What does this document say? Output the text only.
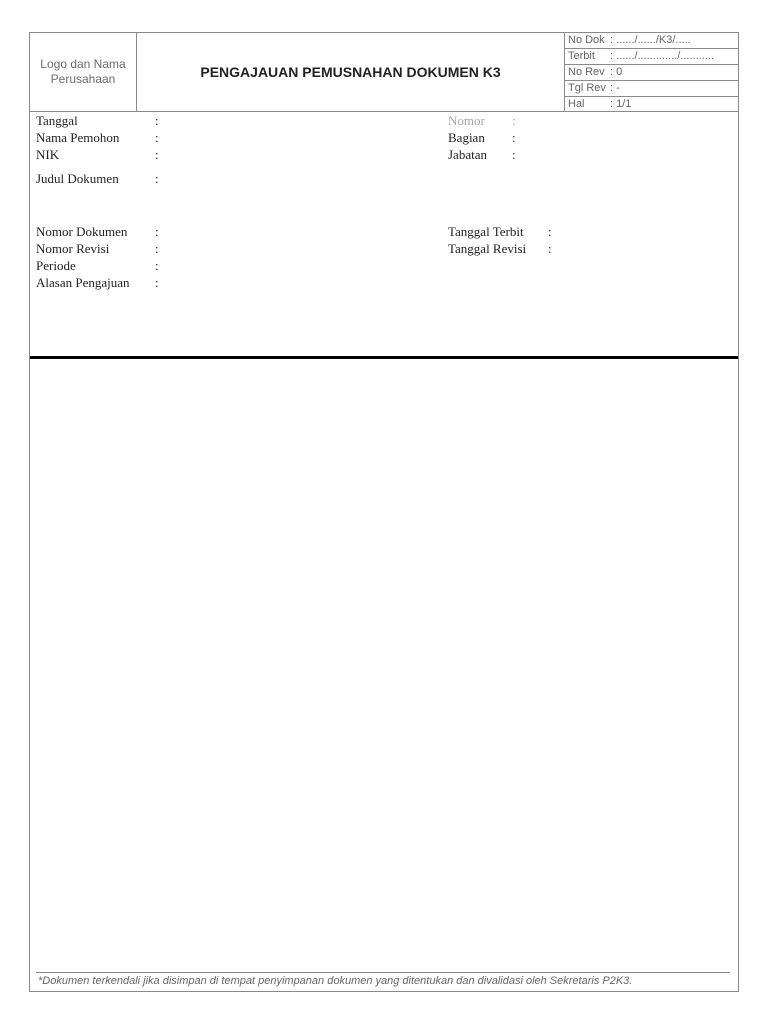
Logo dan Nama
Perusahaan	PENGAJAUAN PEMUSNAHAN DOKUMEN K3
No Dok : ....../....../K3/.....
Terbit : ....../............./...........
No Rev : 0
Tgl Rev : -
Hal : 1/1
Tanggal	:
Nama Pemohon	:
NIK	:
Judul Dokumen	:
Nomor Dokumen :
Nomor Revisi	:
Periode	:
Alasan Pengajuan :
Nomor :
Bagian :
Jabatan :
Tanggal Terbit :
Tanggal Revisi :
*Dokumen terkendali jika disimpan di tempat penyimpanan dokumen yang ditentukan dan divalidasi oleh Sekretaris P2K3.
